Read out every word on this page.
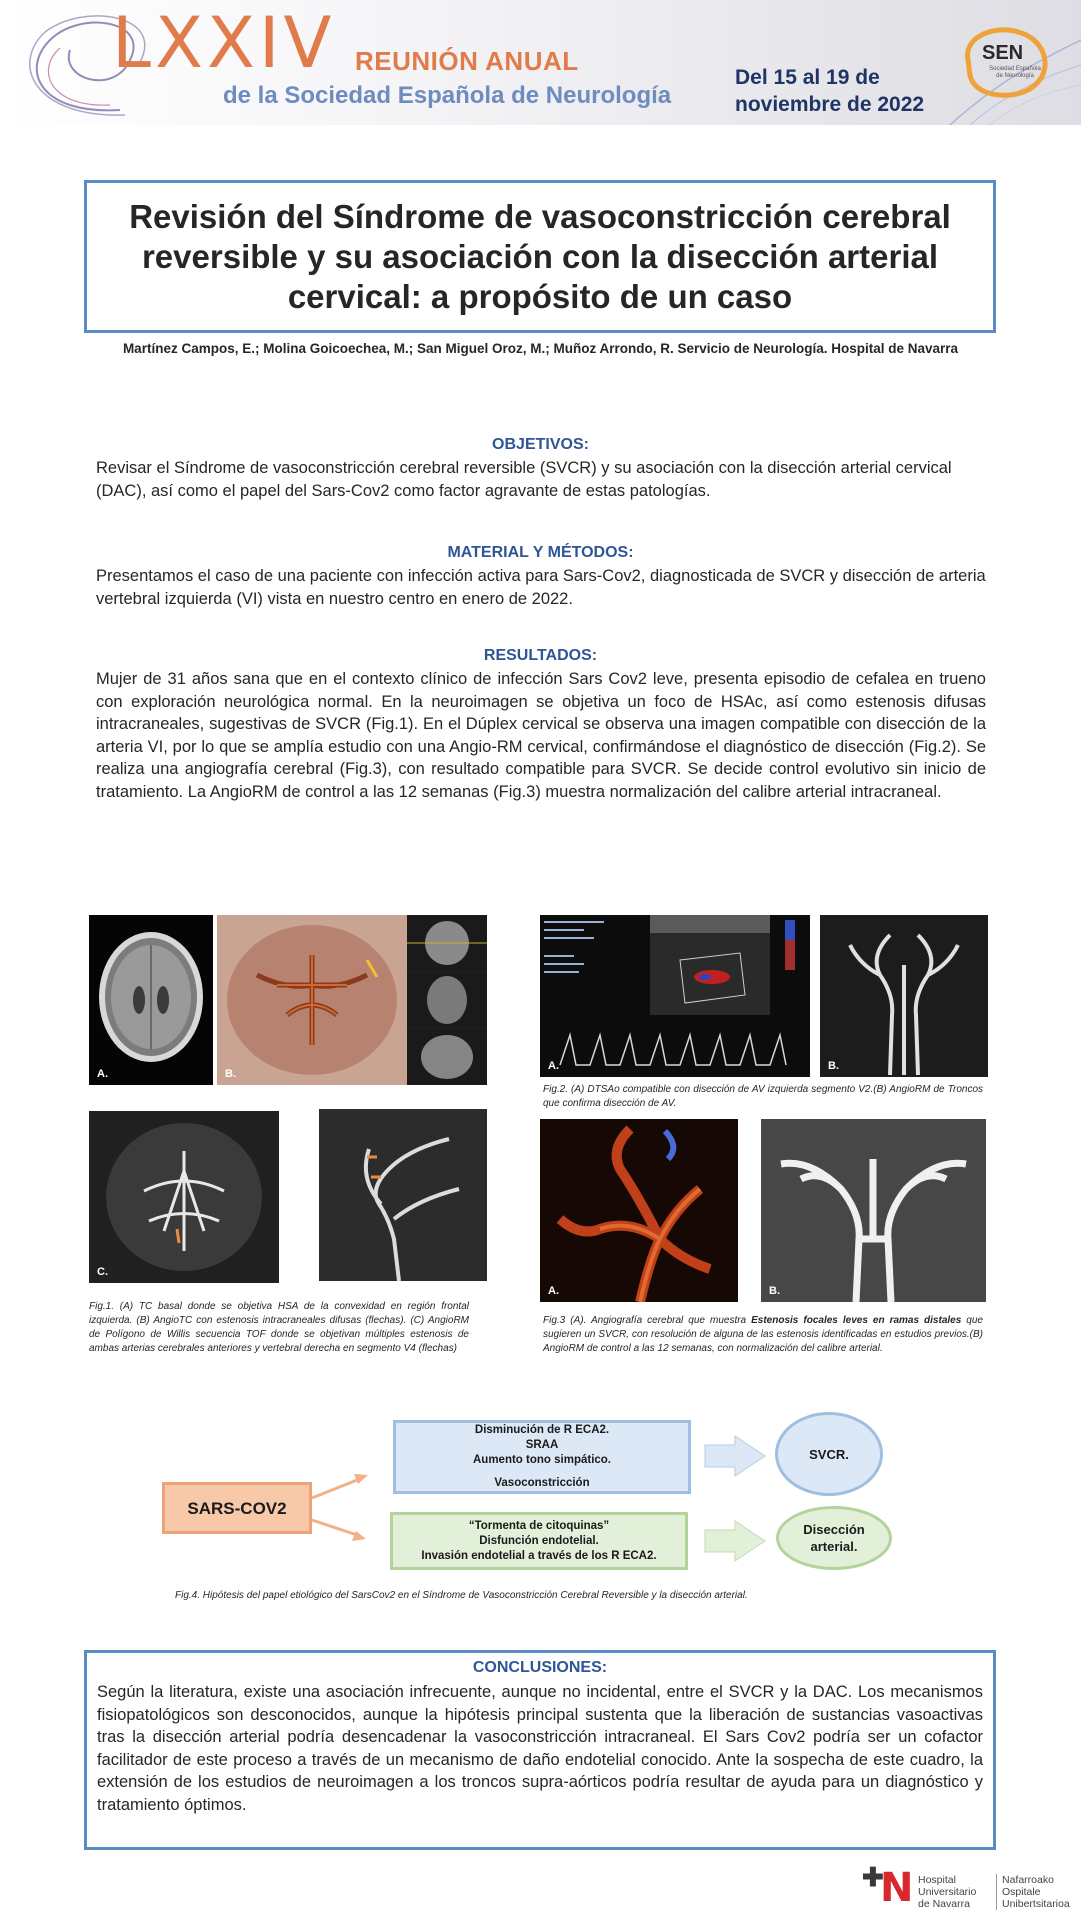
LXXIV REUNIÓN ANUAL
de la Sociedad Española de Neurología
Del 15 al 19 de
noviembre de 2022
SEN
Sociedad Española de Neurología
Revisión del Síndrome de vasoconstricción cerebral reversible y su asociación con la disección arterial cervical: a propósito de un caso
Martínez Campos, E.; Molina Goicoechea, M.; San Miguel Oroz, M.; Muñoz Arrondo, R. Servicio de Neurología. Hospital de Navarra
OBJETIVOS:
Revisar el Síndrome de vasoconstricción cerebral reversible (SVCR) y su asociación con la disección arterial cervical (DAC), así como el papel del Sars-Cov2 como factor agravante de estas patologías.
MATERIAL Y MÉTODOS:
Presentamos el caso de una paciente con infección activa para Sars-Cov2, diagnosticada de SVCR y disección de arteria vertebral izquierda (VI) vista en nuestro centro en enero de 2022.
RESULTADOS:
Mujer de 31 años sana que en el contexto clínico de infección Sars Cov2 leve, presenta episodio de cefalea en trueno con exploración neurológica normal. En la neuroimagen se objetiva un foco de HSAc, así como estenosis difusas intracraneales, sugestivas de SVCR (Fig.1). En el Dúplex cervical se observa una imagen compatible con disección de la arteria VI, por lo que se amplía estudio con una Angio-RM cervical, confirmándose el diagnóstico de disección (Fig.2). Se realiza una angiografía cerebral (Fig.3), con resultado compatible para SVCR. Se decide control evolutivo sin inicio de tratamiento. La AngioRM de control a las 12 semanas (Fig.3) muestra normalización del calibre arterial intracraneal.
A.	B.
C.
Fig.1. (A) TC basal donde se objetiva HSA de la convexidad en región frontal izquierda. (B) AngioTC con estenosis intracraneales difusas (flechas). (C) AngioRM de Polígono de Willis secuencia TOF donde se objetivan múltiples estenosis de ambas arterias cerebrales anteriores y vertebral derecha en segmento V4 (flechas)
A.	B.
Fig.2. (A) DTSAo compatible con disección de AV izquierda segmento V2.(B) AngioRM de Troncos que confirma disección de AV.
A.	B.
Fig.3 (A). Angiografía cerebral que muestra Estenosis focales leves en ramas distales que sugieren un SVCR, con resolución de alguna de las estenosis identificadas en estudios previos.(B) AngioRM de control a las 12 semanas, con normalización del calibre arterial.
SARS-COV2
Disminución de R ECA2.
SRAA
Aumento tono simpático.
Vasoconstricción
“Tormenta de citoquinas”
Disfunción endotelial.
Invasión endotelial a través de los R ECA2.
SVCR.
Disección arterial.
Fig.4. Hipótesis del papel etiológico del SarsCov2 en el Síndrome de Vasoconstricción Cerebral Reversible y la disección arterial.
CONCLUSIONES:
Según la literatura, existe una asociación infrecuente, aunque no incidental, entre el SVCR y la DAC. Los mecanismos fisiopatológicos son desconocidos, aunque la hipótesis principal sustenta que la liberación de sustancias vasoactivas tras la disección arterial podría desencadenar la vasoconstricción intracraneal. El Sars Cov2 podría ser un cofactor facilitador de este proceso a través de un mecanismo de daño endotelial conocido. Ante la sospecha de este cuadro, la extensión de los estudios de neuroimagen a los troncos supra-aórticos podría resultar de ayuda para un diagnóstico y tratamiento óptimos.
✚
N Hospital
Universitario
de Navarra
Nafarroako
Ospitale
Unibertsitarioa
